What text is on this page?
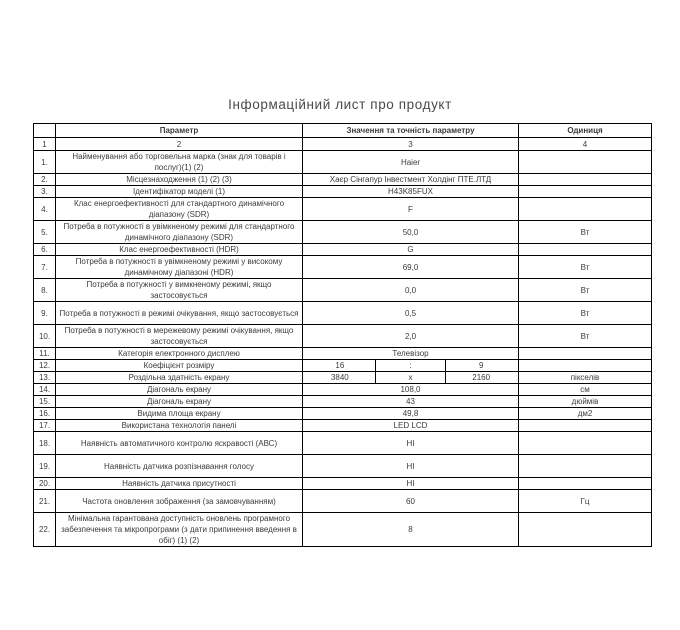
Інформаційний лист про продукт
	Параметр	Значення та точність параметру	Одиниця
1	2	3	4
1.	Найменування або торговельна марка (знак для товарів і послуг)(1) (2)	Haier	
2.	Місцезнаходження (1) (2) (3)	Хаєр Сінгапур Інвестмент Холдінг ПТЕ.ЛТД	
3.	Ідентифікатор моделі (1)	H43K85FUX	
4.	Клас енергоефективності для стандартного динамічного діапазону (SDR)	F	
5.	Потреба в потужності в увімкненому режимі для стандартного динамічного діапазону (SDR)	50,0	Вт
6.	Клас енергоефективності (HDR)	G	
7.	Потреба в потужності в увімкненому режимі у високому динамічному діапазоні (HDR)	69,0	Вт
8.	Потреба в потужності у вимкненому режимі, якщо застосовується	0,0	Вт
9.	Потреба в потужності в режимі очікування, якщо застосовується	0,5	Вт
10.	Потреба в потужності в мережевому режимі очікування, якщо застосовується	2,0	Вт
11.	Категорія електронного дисплею	Телевізор	
12.	Коефіцієнт розміру	16 : 9	

13.	Роздільна здатність екрану	3840 х 2160	пікселів
14.	Діагональ екрану	108,0	см
15.	Діагональ екрану	43	дюймів
16.	Видима площа екрану	49,8	дм2
17.	Використана технологія панелі	LED LCD	
18.	Наявність автоматичного контролю яскравості (АВС)	НІ	
19.	Наявність датчика розпізнавання голосу	НІ	
20.	Наявність датчика присутності	НІ	
21.	Частота оновлення зображення (за замовчуванням)	60	Гц
22.	Мінімальна гарантована доступність оновлень програмного забезпечення та мікропрограми (з дати припинення введення в обіг) (1) (2)	8	
